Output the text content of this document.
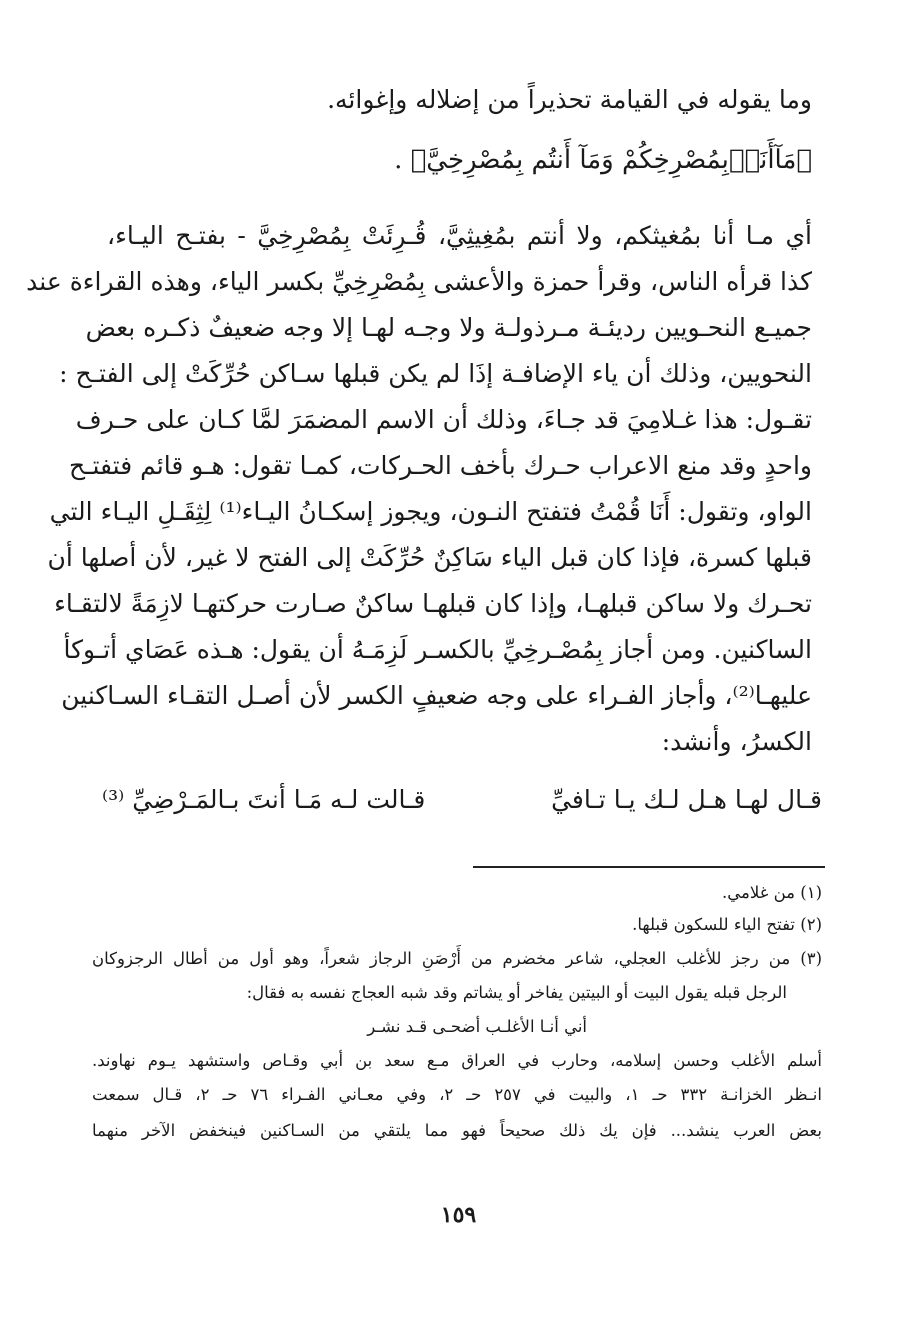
وما يقوله في القيامة تحذيراً من إضلاله وإغوائه.
﴿مَآأَنَا۠بِمُصْرِخِكُمْ وَمَآ أَنتُم بِمُصْرِخِيَّ﴾ .
أي مـا أنا بمُغيثكم، ولا أنتم بمُغِيثِيَّ، قُـرِئَتْ بِمُصْرِخِيَّ - بفتـح اليـاء،
كذا قرأه الناس، وقرأ حمزة والأعشى بِمُصْرِخِيِّ بكسر الياء، وهذه القراءة عند
جميـع النحـويين رديئـة مـرذولـة ولا وجـه لهـا إلا وجه ضعيفٌ ذكـره بعض
النحويين، وذلك أن ياء الإضافـة إذَا لم يكن قبلها سـاكن حُرِّكَتْ إلى الفتـح :
تقـول: هذا غـلامِيَ قد جـاءَ، وذلك أن الاسم المضمَرَ لمَّا كـان على حـرف
واحدٍ وقد منع الاعراب حـرك بأخف الحـركات، كمـا تقول: هـو قائم فتفتـح
الواو، وتقول: أَنَا قُمْتُ فتفتح النـون، ويجوز إسكـانُ اليـاء⁽¹⁾ لِثِقَـلِ اليـاء التي
قبلها كسرة، فإذا كان قبل الياء سَاكِنٌ حُرِّكَتْ إلى الفتح لا غير، لأن أصلها أن
تحـرك ولا ساكن قبلهـا، وإذا كان قبلهـا ساكنٌ صـارت حركتهـا لازِمَةً لالتقـاء
الساكنين. ومن أجاز بِمُصْـرخِيِّ بالكسـر لَزِمَـهُ أن يقول: هـذه عَصَاي أتـوكأ
عليهـا⁽²⁾، وأجاز الفـراء على وجه ضعيفٍ الكسر لأن أصـل التقـاء السـاكنين
الكسرُ، وأنشد:
قـال لهـا هـل لـك يـا تـافيِّ
قـالت لـه مَـا أنتَ بـالمَـرْضِيِّ ⁽³⁾
(١) من غلامي.
(٢) تفتح الياء للسكون قبلها.
(٣) من رجز للأغلب العجلي، شاعر مخضرم من أَرْصَنِ الرجاز شعراً، وهو أول من أطال الرجزوكان
الرجل قبله يقول البيت أو البيتين يفاخر أو يشاتم وقد شبه العجاج نفسه به فقال:
أني أنـا الأغلـب أضحـى قـد نشـر
أسلم الأغلب وحسن إسلامه، وحارب في العراق مـع سعد بن أبي وقـاص واستشهد يـوم نهاوند.
انـظر الخزانـة ٣٣٢ حـ ١، والبيت في ٢٥٧ حـ ٢، وفي معـاني الفـراء ٧٦ حـ ٢، قـال سمعت
بعض العرب ينشد... فإن يك ذلك صحيحاً فهو مما يلتقي من السـاكنين فينخفض الآخر منهما
١٥٩
